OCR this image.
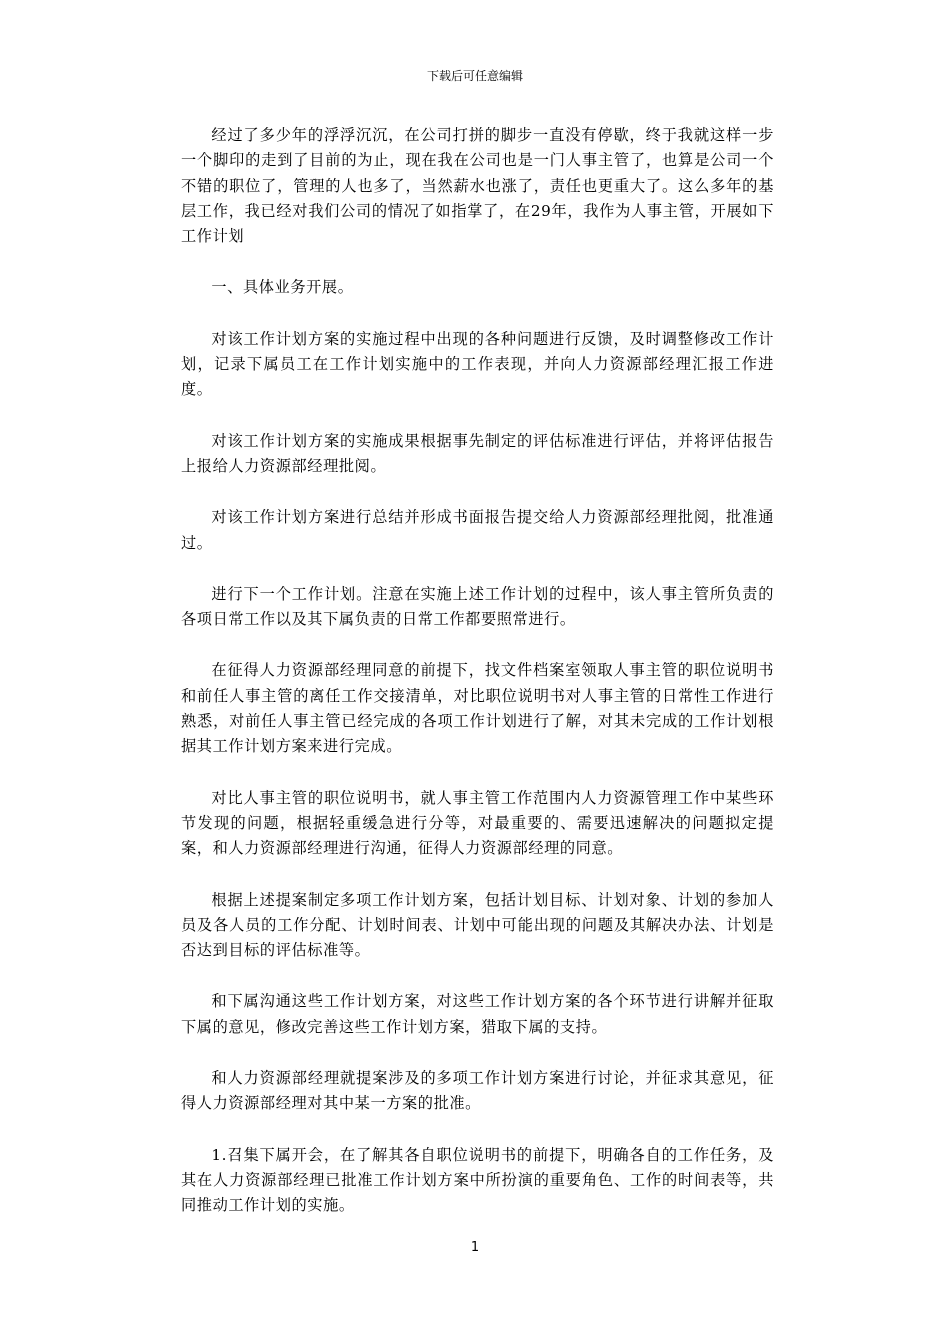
下载后可任意编辑

经过了多少年的浮浮沉沉，在公司打拼的脚步一直没有停歇，终于我就这样一步一个脚印的走到了目前的为止，现在我在公司也是一门人事主管了，也算是公司一个不错的职位了，管理的人也多了，当然薪水也涨了，责任也更重大了。这么多年的基层工作，我已经对我们公司的情况了如指掌了，在29年，我作为人事主管，开展如下工作计划

一、具体业务开展。

对该工作计划方案的实施过程中出现的各种问题进行反馈，及时调整修改工作计划，记录下属员工在工作计划实施中的工作表现，并向人力资源部经理汇报工作进度。

对该工作计划方案的实施成果根据事先制定的评估标准进行评估，并将评估报告上报给人力资源部经理批阅。

对该工作计划方案进行总结并形成书面报告提交给人力资源部经理批阅，批准通过。

进行下一个工作计划。注意在实施上述工作计划的过程中，该人事主管所负责的各项日常工作以及其下属负责的日常工作都要照常进行。

在征得人力资源部经理同意的前提下，找文件档案室领取人事主管的职位说明书和前任人事主管的离任工作交接清单，对比职位说明书对人事主管的日常性工作进行熟悉，对前任人事主管已经完成的各项工作计划进行了解，对其未完成的工作计划根据其工作计划方案来进行完成。

对比人事主管的职位说明书，就人事主管工作范围内人力资源管理工作中某些环节发现的问题，根据轻重缓急进行分等，对最重要的、需要迅速解决的问题拟定提案，和人力资源部经理进行沟通，征得人力资源部经理的同意。

根据上述提案制定多项工作计划方案，包括计划目标、计划对象、计划的参加人员及各人员的工作分配、计划时间表、计划中可能出现的问题及其解决办法、计划是否达到目标的评估标准等。

和下属沟通这些工作计划方案，对这些工作计划方案的各个环节进行讲解并征取下属的意见，修改完善这些工作计划方案，猎取下属的支持。

和人力资源部经理就提案涉及的多项工作计划方案进行讨论，并征求其意见，征得人力资源部经理对其中某一方案的批准。

1.召集下属开会，在了解其各自职位说明书的前提下，明确各自的工作任务，及其在人力资源部经理已批准工作计划方案中所扮演的重要角色、工作的时间表等，共同推动工作计划的实施。

1
